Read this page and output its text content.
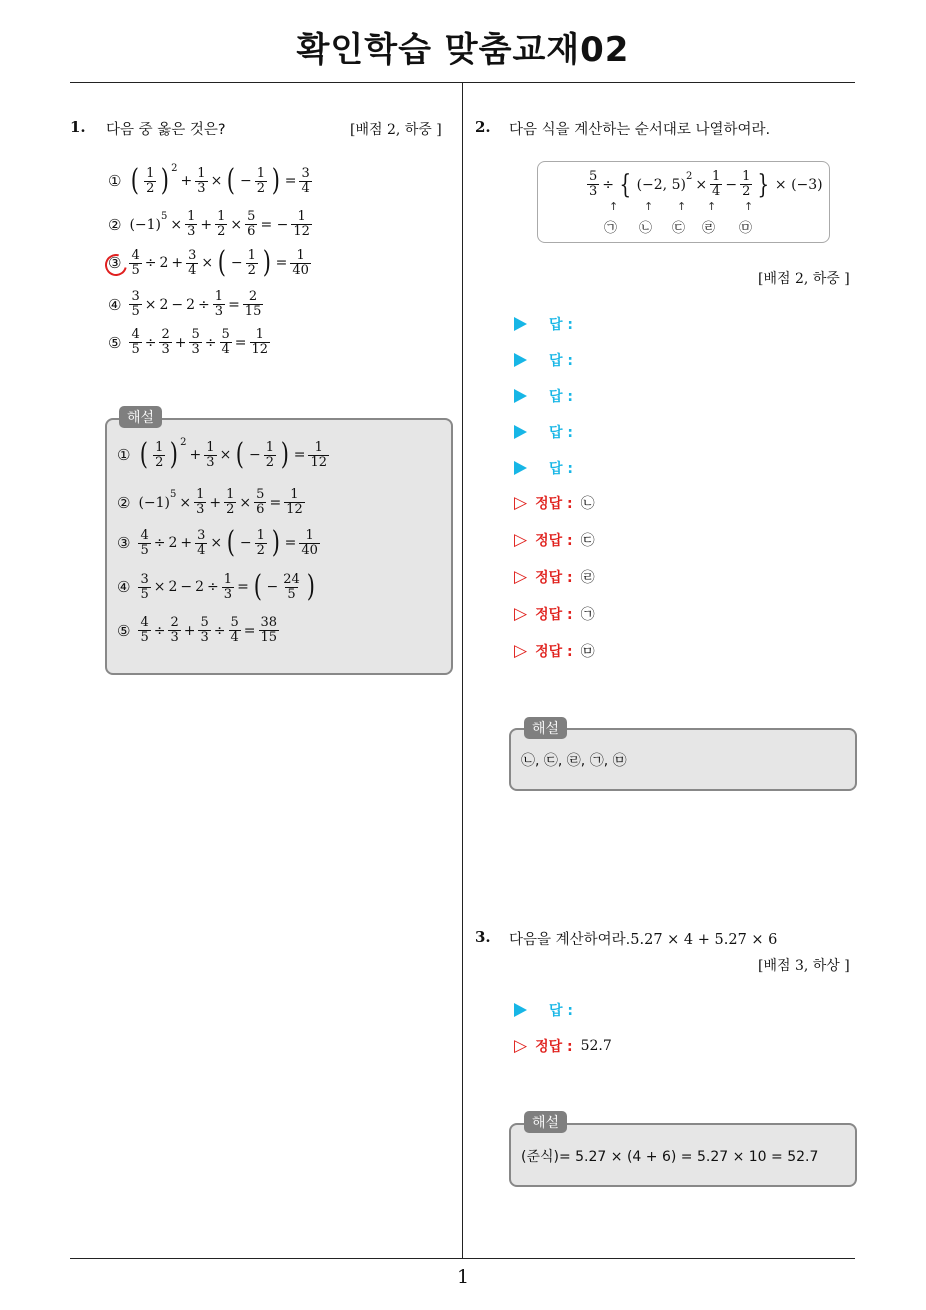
확인학습 맞춤교재02
1
1. 다음 중 옳은 것은?	[배점 2, 하중 ]
① ( $\frac{1}{2}$ ) 2
+ $\frac{1}{3}$ × ( − $\frac{1}{2}$ ) = $\frac{3}{4}$
② (−1) $5 \times \frac{1}{3} + \frac{1}{2} \times \frac{5}{6}$ = − $\frac{1}{12}$
③ $\frac{4}{5} \div 2 + \frac{3}{4}$ × ( − $\frac{1}{2}$ ) = $\frac{1}{40}$
④ $\frac{3}{5} \times 2 - 2 \div \frac{1}{3} = \frac{2}{15}$
⑤ $\frac{4}{5} \div \frac{2}{3} + \frac{5}{3} \div \frac{5}{4} = \frac{1}{12}$
해설
① ( $\frac{1}{2}$ ) 2
+ $\frac{1}{3}$ × ( − $\frac{1}{2}$ ) = $\frac{1}{12}$
② (−1) $5 \times \frac{1}{3} + \frac{1}{2} \times \frac{5}{6} = \frac{1}{12}$
③ $\frac{4}{5} \div 2 + \frac{3}{4}$ × ( − $\frac{1}{2}$ ) = $\frac{1}{40}$
④ $\frac{3}{5} \times 2 - 2 \div \frac{1}{3}$ = ( − $\frac{24}{5}$ )
⑤ $\frac{4}{5} \div \frac{2}{3} + \frac{5}{3} \div \frac{5}{4} = \frac{38}{15}$
2. 다음 식을 계산하는 순서대로 나열하여라.
$\frac{5}{3}$ ÷ { (−2, 5) $2 \times \frac{1}{4} - \frac{1}{2}$ } × (−3)
↑ ↑ ↑ ↑	↑
㉠ ㉡ ㉢ ㉣ ㉤
[배점 2, 하중 ]
답 :
답 :
답 :
답 :
답 :
▷ 정답 : ㉡
▷ 정답 : ㉢
▷ 정답 : ㉣
▷ 정답 : ㉠
▷ 정답 : ㉤
해설
㉡, ㉢, ㉣, ㉠, ㉤
3. 다음을 계산하여라.5.27 × 4 + 5.27 × 6
[배점 3, 하상 ]
답 :
▷ 정답 : 52.7
해설
(준식)= 5.27 × (4 + 6) = 5.27 × 10 = 52.7
